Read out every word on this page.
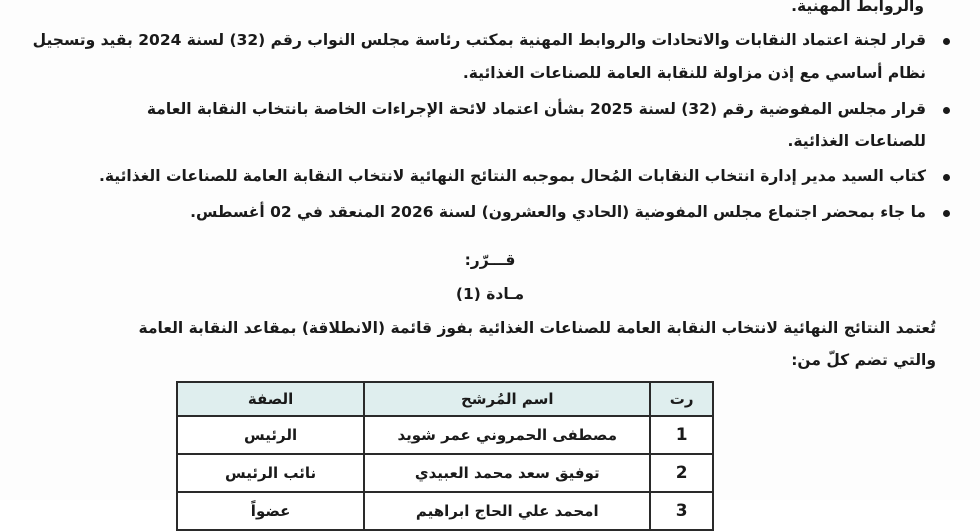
والروابط المهنية.
قرار لجنة اعتماد النقابات والاتحادات والروابط المهنية بمكتب رئاسة مجلس النواب رقم (32) لسنة 2024 بقيد وتسجيل
نظام أساسي مع إذن مزاولة للنقابة العامة للصناعات الغذائية.
قرار مجلس المفوضية رقم (32) لسنة 2025 بشأن اعتماد لائحة الإجراءات الخاصة بانتخاب النقابة العامة
للصناعات الغذائية.
كتاب السيد مدير إدارة انتخاب النقابات المُحال بموجبه النتائج النهائية لانتخاب النقابة العامة للصناعات الغذائية.
ما جاء بمحضر اجتماع مجلس المفوضية (الحادي والعشرون) لسنة 2026 المنعقد في 02 أغسطس.
قـــرّر:
مـادة (1)
تُعتمد النتائج النهائية لانتخاب النقابة العامة للصناعات الغذائية بفوز قائمة (الانطلاقة) بمقاعد النقابة العامة
والتي تضم كلّ من:
رت	اسم المُرشح	الصفة
1	مصطفى الحمروني عمر شويد	الرئيس
2	توفيق سعد محمد العبيدي	نائب الرئيس
3	امحمد علي الحاج ابراهيم	عضواً
